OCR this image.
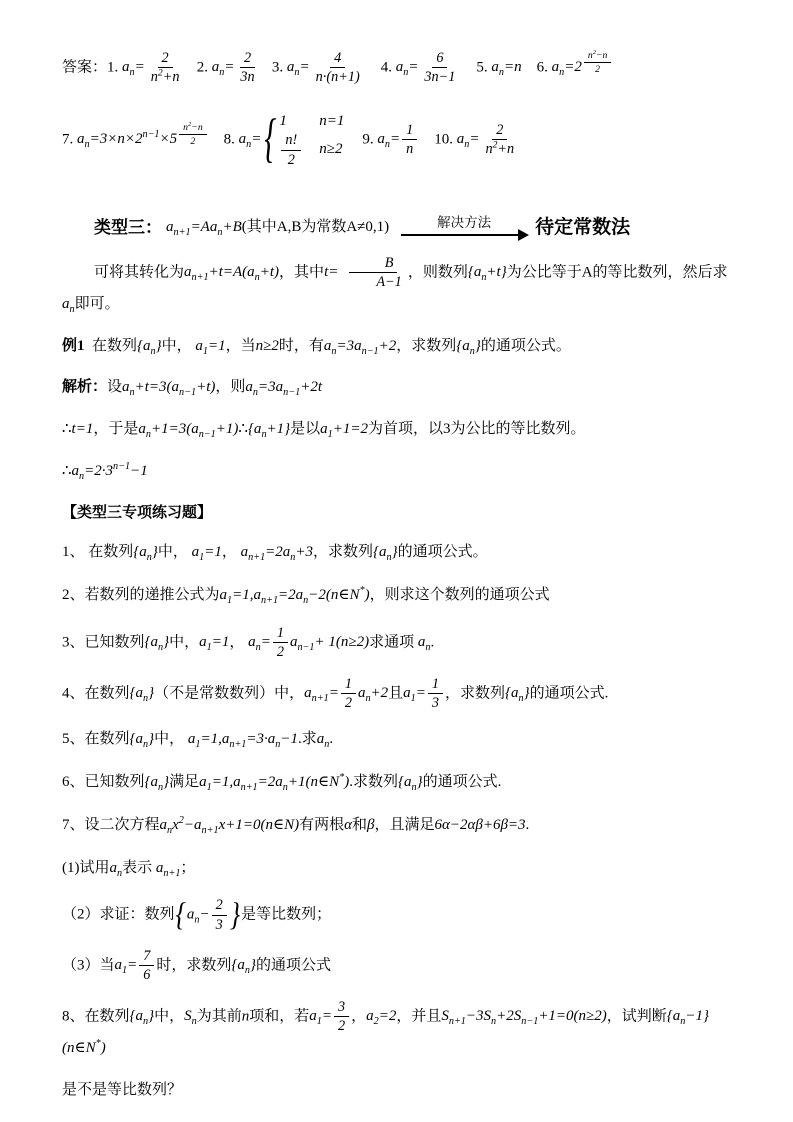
答案：1. $a_n= \frac{2}{n^2+n} 2$. $a_n= \frac{2}{3n} 3$. $a_n= \frac{4}{n\cdot(n+1)} 4$. $a_n= \frac{6}{3n-1} 5$. $a_n=n$    6. $a_n=2$ $^{\frac{n^2-n}{2}}$
7. $a_n=3\times n\times 2^{n-1}\times 5$ $^{\frac{n^2-n}{2}}$ 8. $a_n=$ { 1 n=1
$\frac{n!}{2} n\ge 2$
9. $a_n= \frac{1}{n} 10$. $a_n= \frac{2}{n^2+n}$
类型三： $a_{n+1}=Aa_n+B$(其中A,B为常数A≠0,1)	解决方法 待定常数法
可将其转化为$a_{n+1}+t=A(a_n+t)$，其中$t= \frac{B}{A-1}$ ，则数列$\{a_n+t\}$为公比等于A的等比数列，然后求$a_n$即可。
例1  在数列$\{a_n\}$中， $a_1=1$，当n≥2时，有$a_n=3a_{n-1}+2$，求数列$\{a_n\}$的通项公式。
解析：设$a_n+t=3(a_{n-1}+t)$，则$a_n=3a_{n-1}+2t$
∴t=1，于是$a_n+1=3(a_{n-1}+1)\therefore\{a_n+1\}$是以$a_1+1=2$为首项，以3为公比的等比数列。
$\therefore a_n=2\cdot 3^{n-1}-1$
【类型三专项练习题】
1、 在数列$\{a_n\}$中， $a_1=1$， $a_{n+1}=2a_n+3$，求数列$\{a_n\}$的通项公式。
2、若数列的递推公式为$a_1=1,a_{n+1}=2a_n-2(n\in N^*)$，则求这个数列的通项公式
3、已知数列$\{a_n\}$中，$a_1=1$， $a_n= \frac{1}{2} a_{n-1}+ 1(n\ge 2)$求通项 $a_n$.
4、在数列$\{a_n\}$（不是常数数列）中，$a_{n+1}= \frac{1}{2} a_n+2$且$a_1= \frac{1}{3}$ ，求数列$\{a_n\}$的通项公式.
5、在数列$\{a_n\}$中， $a_1=1,a_{n+1}=3\cdot a_n-1$.求$a_n$.
6、已知数列$\{a_n\}$满足$a_1=1,a_{n+1}=2a_n+1(n\in N^*)$.求数列$\{a_n\}$的通项公式.
7、设二次方程$a_nx^2-a_{n+1}x+1=0(n\in N)$有两根α和β，且满足6α−2αβ+6β=3.
(1)试用$a_n$表示 $a_{n+1}$；
（2）求证：数列 { $a_n- \frac{2}{3}$ } 是等比数列；
（3）当$a_1= \frac{7}{6}$ 时，求数列$\{a_n\}$的通项公式
8、在数列$\{a_n\}$中，$S_n$为其前n项和，若$a_1= \frac{3}{2}$ ，$a_2=2$，并且$S_{n+1}-3S_n+2S_{n-1}+1=0(n\ge 2)$，试判断$\{a_n-1\}(n\in N^*)$
是不是等比数列？
